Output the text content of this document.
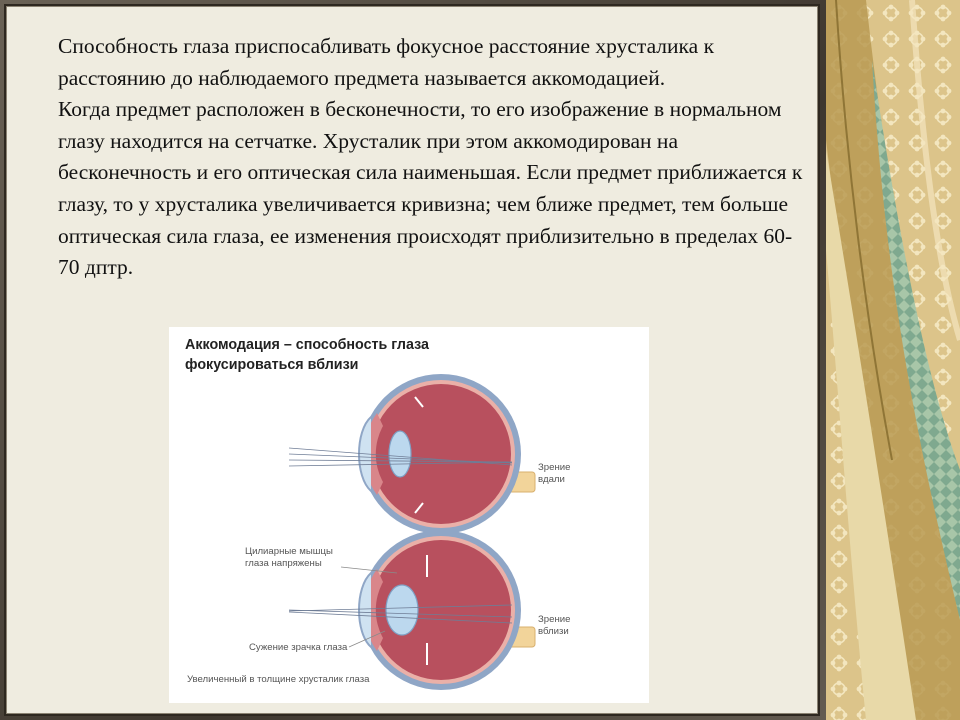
Способность глаза приспосабливать фокусное расстояние хрусталика к расстоянию до наблюдаемого предмета называется аккомодацией.

Когда предмет расположен в бесконечности, то его изображение в нормальном глазу находится на сетчатке. Хрусталик при этом аккомодирован на бесконечность и его оптическая сила наименьшая. Если предмет приближается к глазу, то у хрусталика увеличивается кривизна; чем ближе предмет, тем больше оптическая сила глаза, ее изменения происходят приблизительно в пределах 60-70 дптр.

Аккомодация – способность глаза
фокусироваться вблизи
Зрение вдали
Зрение вблизи
Цилиарные мышцы глаза напряжены
Сужение зрачка глаза
Увеличенный в толщине хрусталик глаза
